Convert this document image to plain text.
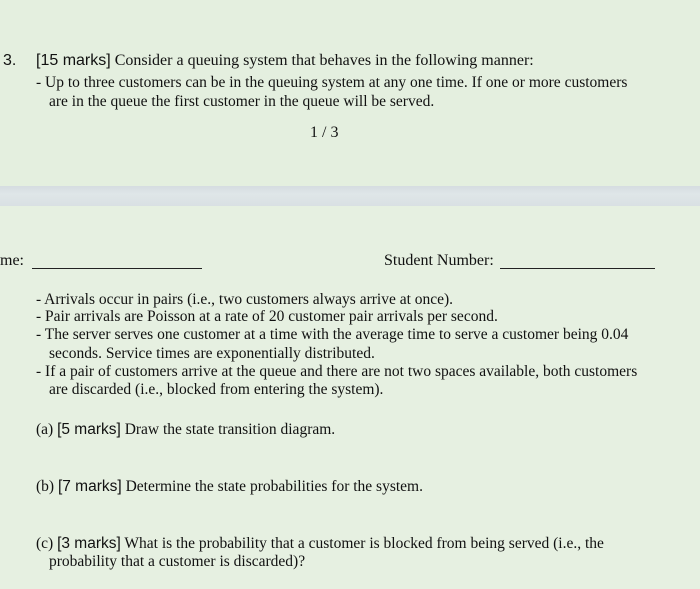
3. [15 marks] Consider a queuing system that behaves in the following manner:
- Up to three customers can be in the queuing system at any one time. If one or more customers
are in the queue the first customer in the queue will be served.
1 / 3
me:	Student Number:
- Arrivals occur in pairs (i.e., two customers always arrive at once).
- Pair arrivals are Poisson at a rate of 20 customer pair arrivals per second.
- The server serves one customer at a time with the average time to serve a customer being 0.04
seconds. Service times are exponentially distributed.
- If a pair of customers arrive at the queue and there are not two spaces available, both customers
are discarded (i.e., blocked from entering the system).
(a) [5 marks] Draw the state transition diagram.
(b) [7 marks] Determine the state probabilities for the system.
(c) [3 marks] What is the probability that a customer is blocked from being served (i.e., the
probability that a customer is discarded)?
